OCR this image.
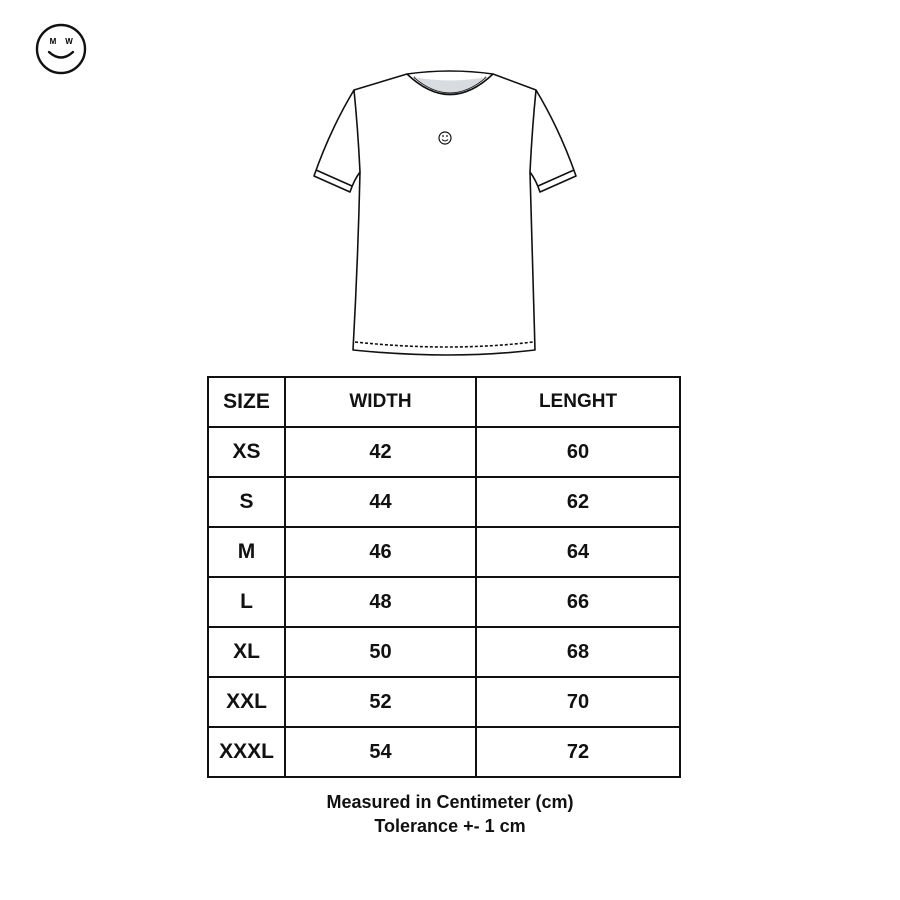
M W
SIZE	WIDTH	LENGHT
XS	42	60
S	44	62
M	46	64
L	48	66
XL	50	68
XXL	52	70
XXXL	54	72
Measured in Centimeter (cm)
Tolerance +- 1 cm
